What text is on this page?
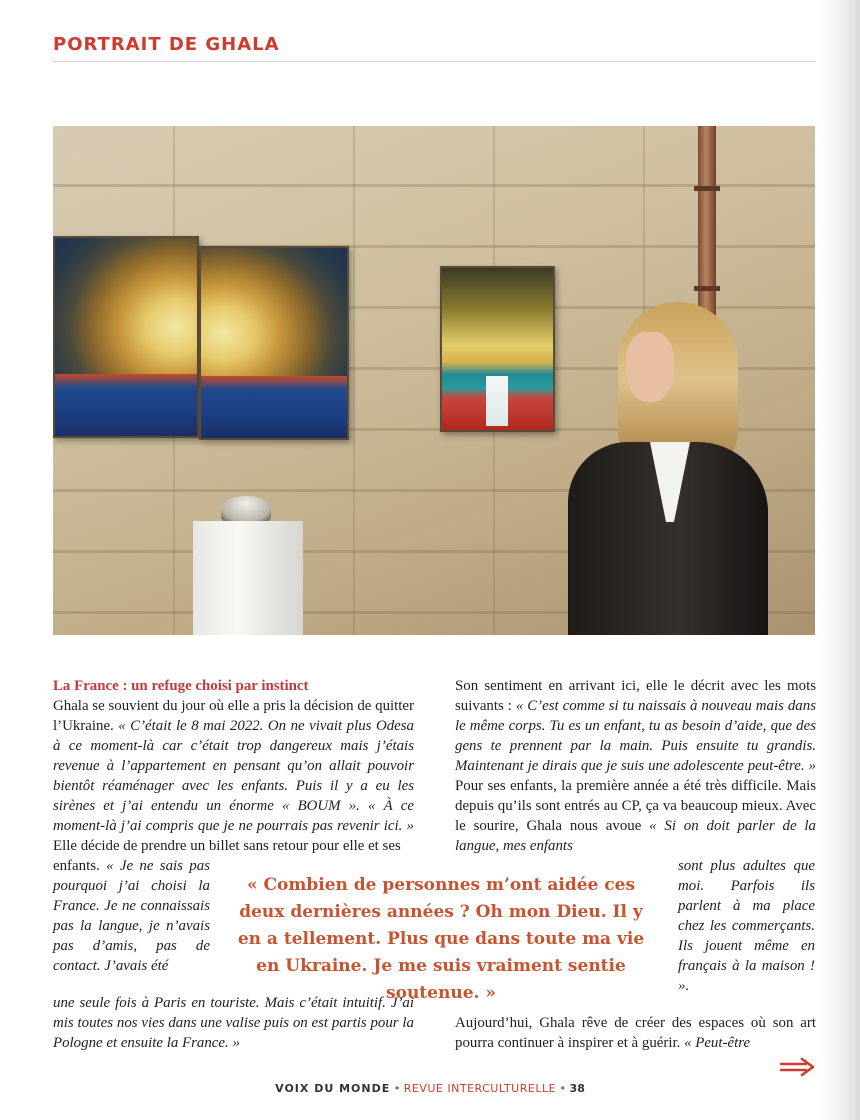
PORTRAIT DE GHALA
La France : un refuge choisi par instinct
Ghala se souvient du jour où elle a pris la décision de quitter l’Ukraine. « C’était le 8 mai 2022. On ne vivait plus Odesa à ce moment-là car c’était trop dangereux mais j’étais revenue à l’appartement en pensant qu’on allait pouvoir bientôt réaménager avec les enfants. Puis il y a eu les sirènes et j’ai entendu un énorme « BOUM ». « À ce moment-là j’ai compris que je ne pourrais pas revenir ici. » Elle décide de prendre un billet sans retour pour elle et ses
enfants. « Je ne sais pas pourquoi j’ai choisi la France. Je ne connaissais pas la langue, je n’avais pas d’amis, pas de contact. J’avais été
une seule fois à Paris en touriste. Mais c’était intuitif. J’ai mis toutes nos vies dans une valise puis on est partis pour la Pologne et ensuite la France. »
Son sentiment en arrivant ici, elle le décrit avec les mots suivants : « C’est comme si tu naissais à nouveau mais dans le même corps. Tu es un enfant, tu as besoin d’aide, que des gens te prennent par la main. Puis ensuite tu grandis. Maintenant je dirais que je suis une adolescente peut-être. » Pour ses enfants, la première année a été très difficile. Mais depuis qu’ils sont entrés au CP, ça va beaucoup mieux. Avec le sourire, Ghala nous avoue « Si on doit parler de la langue, mes enfants
sont plus adultes que moi. Parfois ils parlent à ma place chez les commerçants. Ils jouent même en français à la maison ! ».
Aujourd’hui, Ghala rêve de créer des espaces où son art pourra continuer à inspirer et à guérir. « Peut-être
« Combien de personnes m’ont aidée ces deux dernières années ? Oh mon Dieu. Il y en a tellement. Plus que dans toute ma vie en Ukraine. Je me suis vraiment sentie soutenue. »
VOIX DU MONDE • REVUE INTERCULTURELLE • 38
